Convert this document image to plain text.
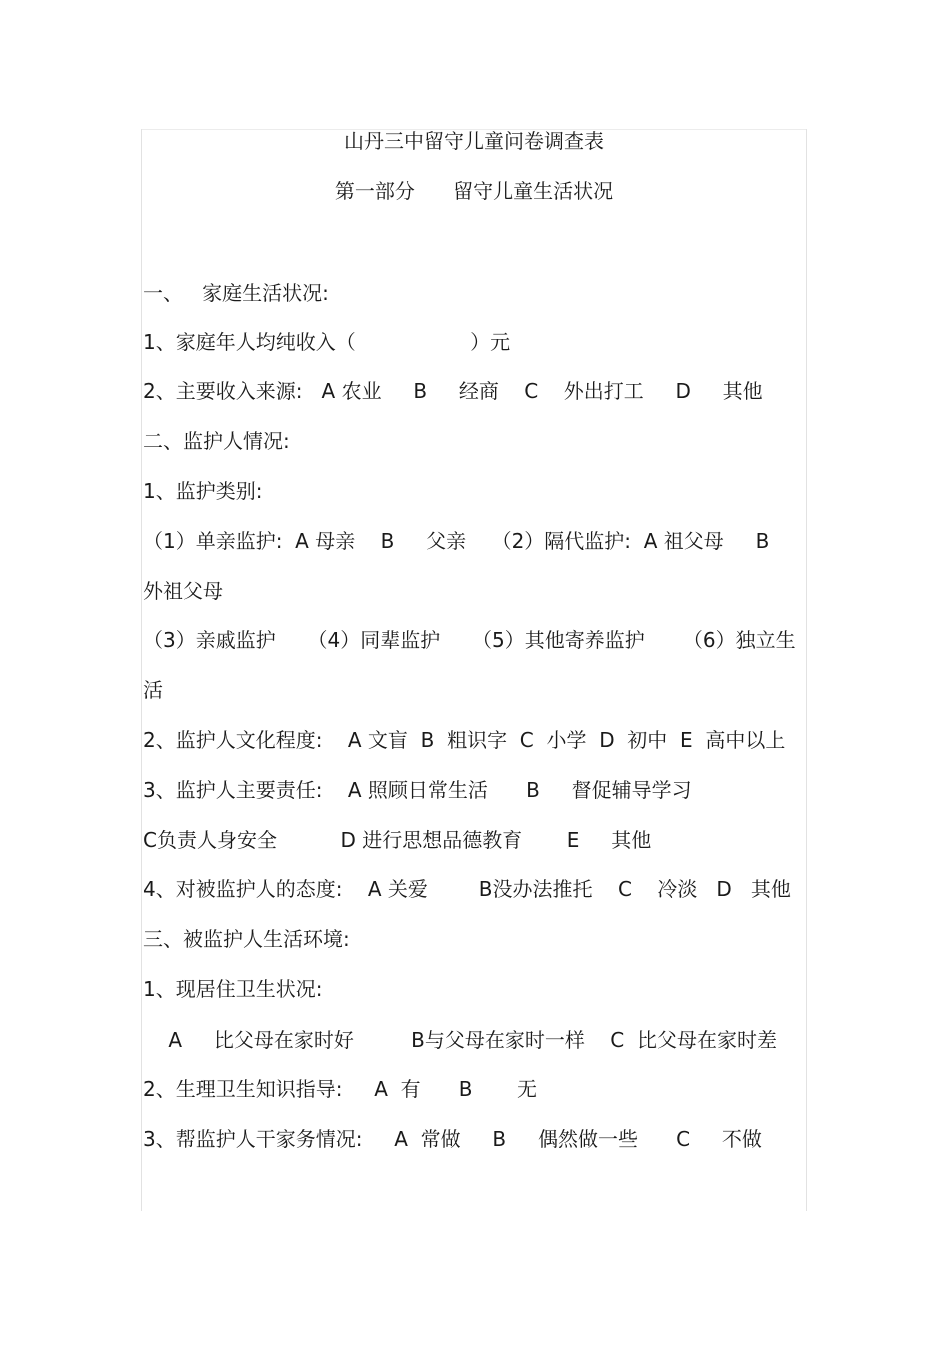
山丹三中留守儿童问卷调查表
第一部分      留守儿童生活状况

一、   家庭生活状况:

1、家庭年人均纯收入（                  ）元

2、主要收入来源:   A 农业     B     经商    C    外出打工     D     其他

二、监护人情况:

1、监护类别:

（1）单亲监护:  A 母亲    B     父亲    （2）隔代监护:  A 祖父母     B

外祖父母

（3）亲戚监护     （4）同辈监护     （5）其他寄养监护      （6）独立生

活

2、监护人文化程度:    A 文盲  B  粗识字  C  小学  D  初中  E  高中以上

3、监护人主要责任:    A 照顾日常生活      B     督促辅导学习

C负责人身安全          D 进行思想品德教育       E     其他

4、对被监护人的态度:    A 关爱        B没办法推托    C    冷淡   D   其他

三、被监护人生活环境:

1、现居住卫生状况:

A     比父母在家时好         B与父母在家时一样    C  比父母在家时差

2、生理卫生知识指导:     A  有      B       无

3、帮监护人干家务情况:     A  常做     B     偶然做一些      C     不做
